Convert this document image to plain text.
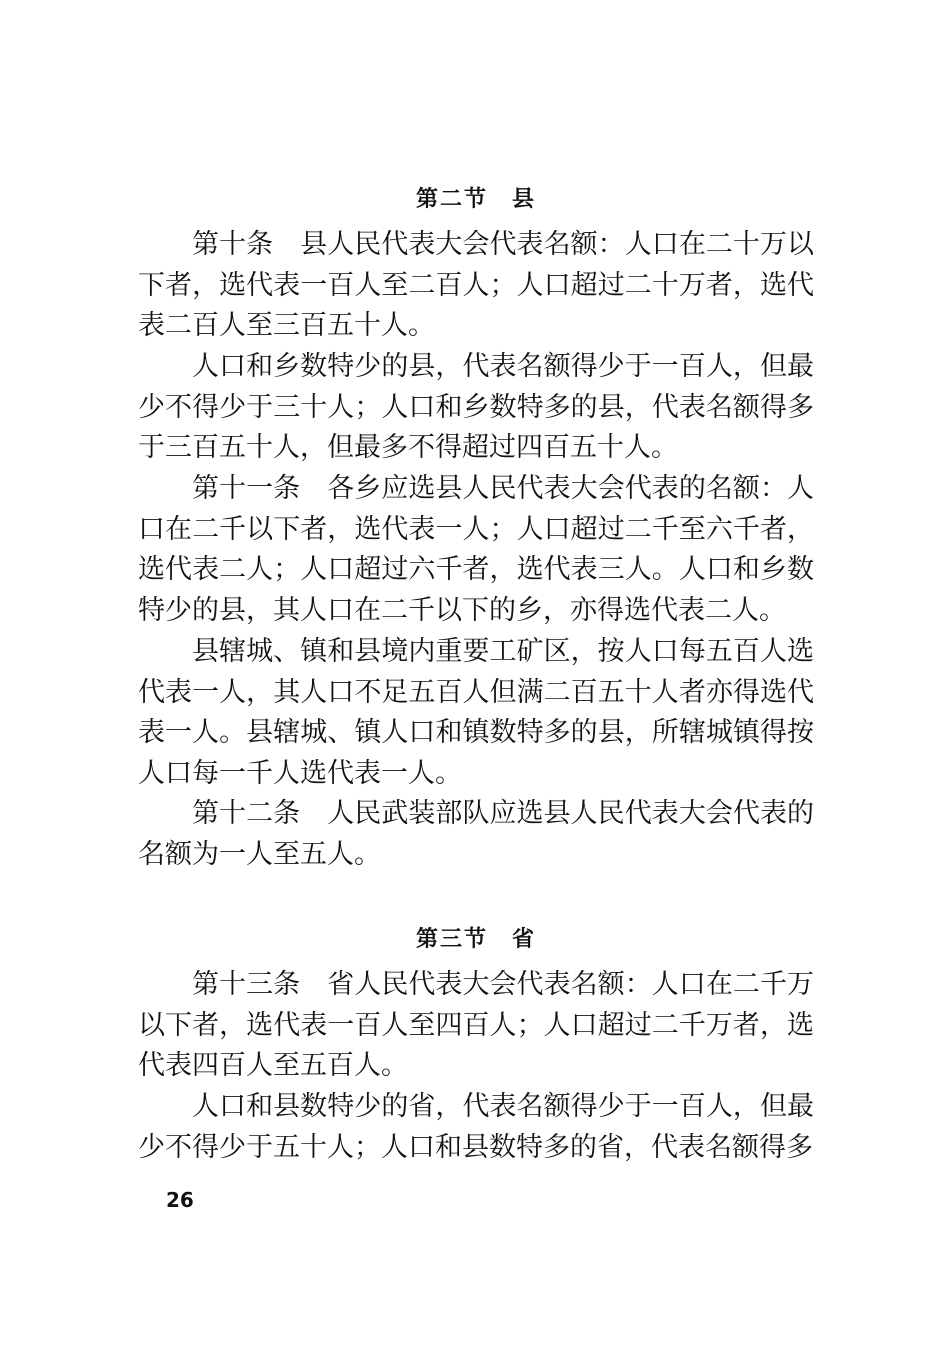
第二节　县
第十条　县人民代表大会代表名额：人口在二十万以下者，选代表一百人至二百人；人口超过二十万者，选代表二百人至三百五十人。
人口和乡数特少的县，代表名额得少于一百人，但最少不得少于三十人；人口和乡数特多的县，代表名额得多于三百五十人，但最多不得超过四百五十人。
第十一条　各乡应选县人民代表大会代表的名额：人口在二千以下者，选代表一人；人口超过二千至六千者，选代表二人；人口超过六千者，选代表三人。人口和乡数特少的县，其人口在二千以下的乡，亦得选代表二人。
县辖城、镇和县境内重要工矿区，按人口每五百人选代表一人，其人口不足五百人但满二百五十人者亦得选代表一人。县辖城、镇人口和镇数特多的县，所辖城镇得按人口每一千人选代表一人。
第十二条　人民武装部队应选县人民代表大会代表的名额为一人至五人。
第三节　省
第十三条　省人民代表大会代表名额：人口在二千万以下者，选代表一百人至四百人；人口超过二千万者，选代表四百人至五百人。
人口和县数特少的省，代表名额得少于一百人，但最少不得少于五十人；人口和县数特多的省，代表名额得多
26
